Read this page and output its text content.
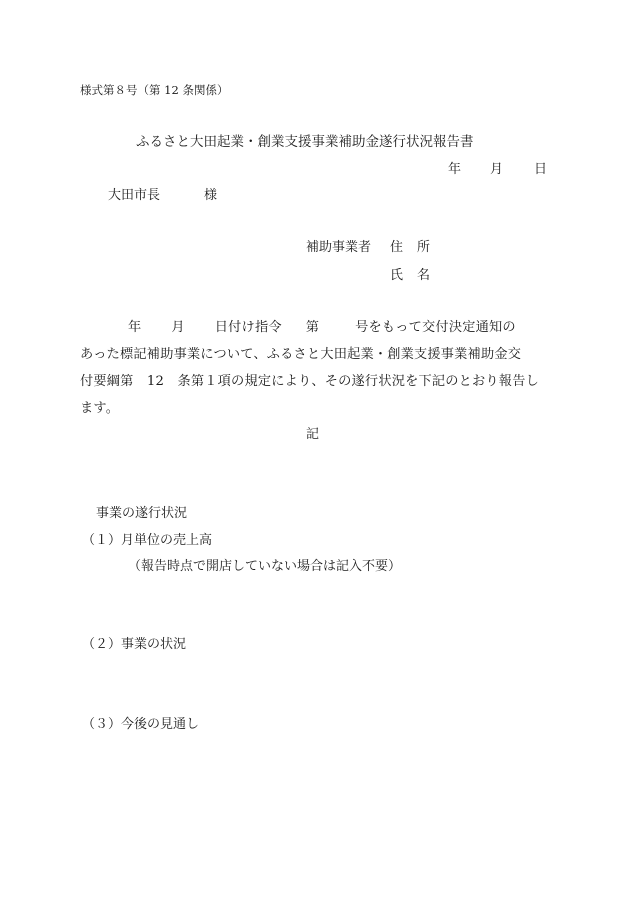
様式第８号（第 12 条関係）
ふるさと大田起業・創業支援事業補助金遂行状況報告書
年 月 日
大田市長	様
補助事業者 住所
氏名
年 月 日付け指令 第	号をもって交付決定通知の
あった標記補助事業について、ふるさと大田起業・創業支援事業補助金交
付要綱第　12　条第１項の規定により、その遂行状況を下記のとおり報告し
ます。
記
事業の遂行状況
（１）月単位の売上高
（報告時点で開店していない場合は記入不要）
（２）事業の状況
（３）今後の見通し
